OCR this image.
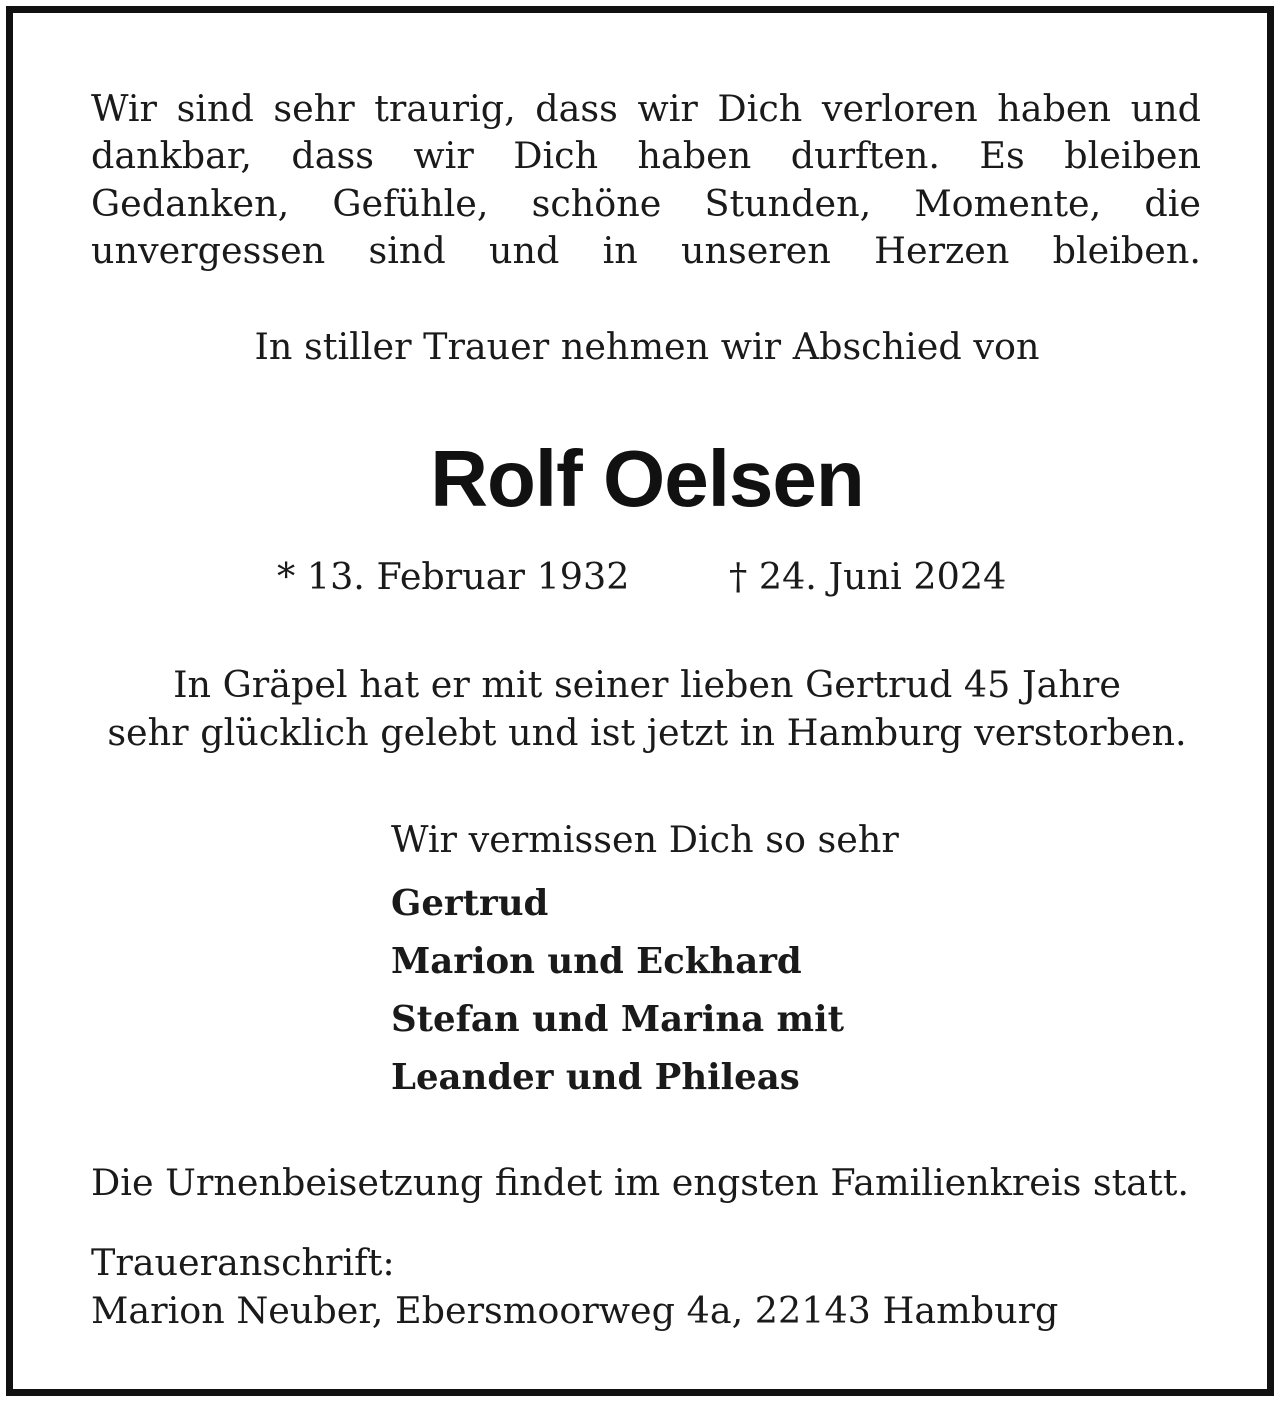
Wir sind sehr traurig, dass wir Dich verloren haben und
dankbar, dass wir Dich haben durften. Es bleiben
Gedanken, Gefühle, schöne Stunden, Momente, die
unvergessen sind und in unseren Herzen bleiben.

In stiller Trauer nehmen wir Abschied von

Rolf Oelsen
* 13. Februar 1932	† 24. Juni 2024

In Gräpel hat er mit seiner lieben Gertrud 45 Jahre
sehr glücklich gelebt und ist jetzt in Hamburg verstorben.

Wir vermissen Dich so sehr

Gertrud
Marion und Eckhard
Stefan und Marina mit
Leander und Phileas

Die Urnenbeisetzung findet im engsten Familienkreis statt.

Traueranschrift:
Marion Neuber, Ebersmoorweg 4a, 22143 Hamburg
